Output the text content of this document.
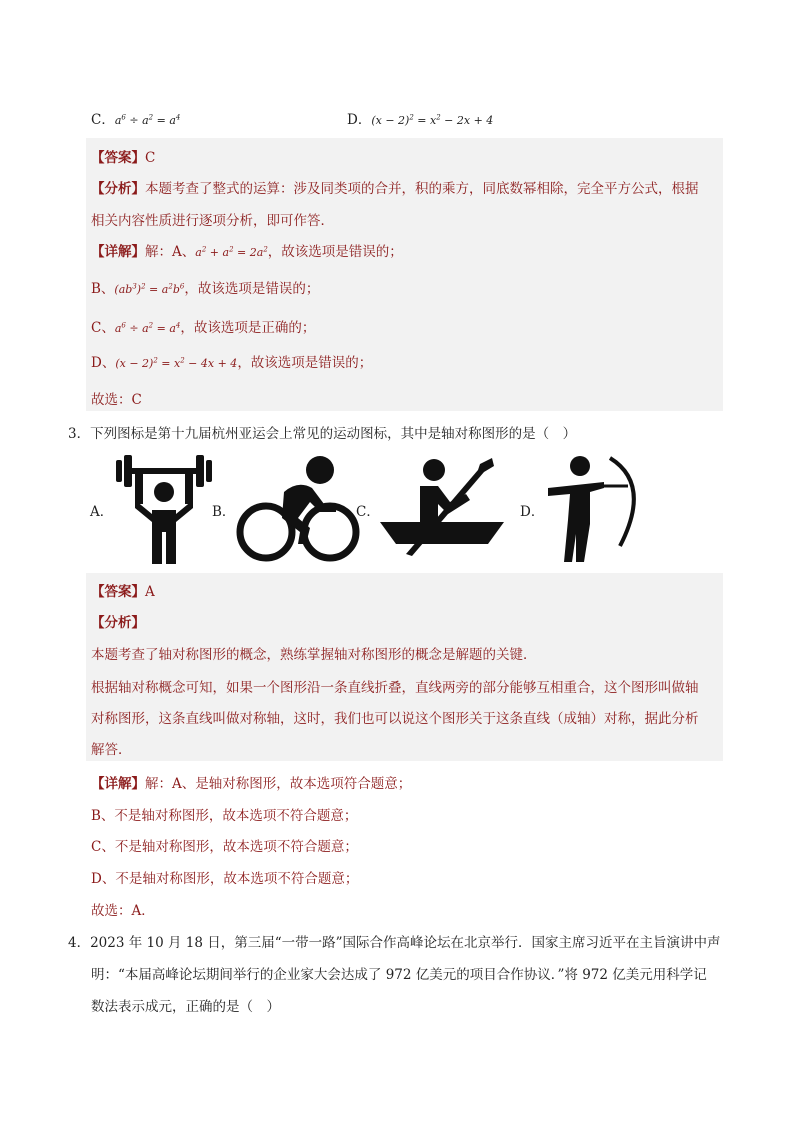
C．$a^6 \div a^2 = a^4$	D．$(x - 2)^2 = x^2 - 2x + 4$
【答案】C
【分析】本题考查了整式的运算：涉及同类项的合并，积的乘方，同底数幂相除，完全平方公式，根据
相关内容性质进行逐项分析，即可作答．
【详解】解：A、$a^2 + a^2 = 2a^2$，故该选项是错误的；
B、$(ab^3)^2 = a^2b^6$，故该选项是错误的；
C、$a^6 \div a^2 = a^4$，故该选项是正确的；
D、$(x - 2)^2 = x^2 - 4x + 4$，故该选项是错误的；
故选：C
3．下列图标是第十九届杭州亚运会上常见的运动图标，其中是轴对称图形的是（　）
A．	B．	C．	D．
【答案】A
【分析】
本题考查了轴对称图形的概念，熟练掌握轴对称图形的概念是解题的关键．
根据轴对称概念可知，如果一个图形沿一条直线折叠，直线两旁的部分能够互相重合，这个图形叫做轴
对称图形，这条直线叫做对称轴，这时，我们也可以说这个图形关于这条直线（成轴）对称，据此分析
解答．
【详解】解：A、是轴对称图形，故本选项符合题意；
B、不是轴对称图形，故本选项不符合题意；
C、不是轴对称图形，故本选项不符合题意；
D、不是轴对称图形，故本选项不符合题意；
故选：A．
4．2023 年 10 月 18 日，第三届“一带一路”国际合作高峰论坛在北京举行．国家主席习近平在主旨演讲中声
明：“本届高峰论坛期间举行的企业家大会达成了 972 亿美元的项目合作协议．”将 972 亿美元用科学记
数法表示成元，正确的是（　）
